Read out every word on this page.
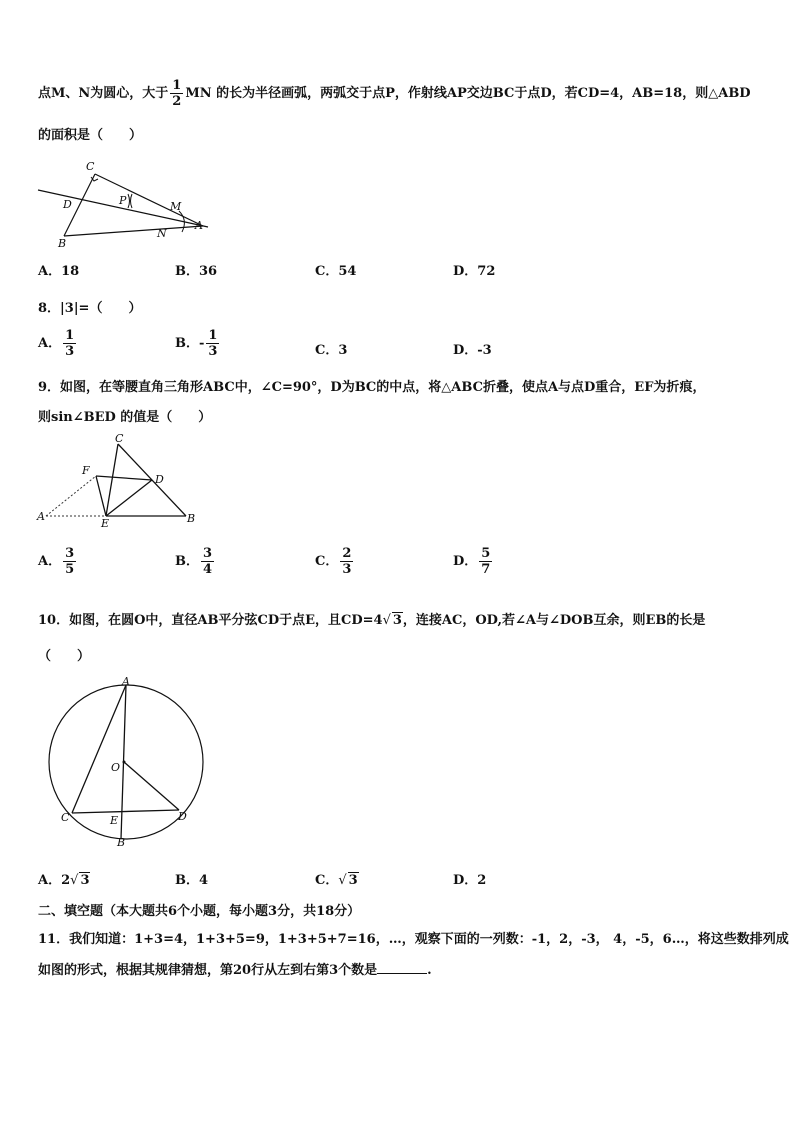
点M、N为圆心，大于 $\frac{1}{2}$ MN 的长为半径画弧，两弧交于点P，作射线AP交边BC于点D，若CD=4，AB=18，则△ABD
的面积是（　　）
C
D	P	M
A
B
N
A．18	B．36	C．54	D．72
8．|3|=（　　）
A． $\frac{1}{3}$	B．- $\frac{1}{3}$	C．3	D．-3
9．如图，在等腰直角三角形ABC中，∠C=90°，D为BC的中点，将△ABC折叠，使点A与点D重合，EF为折痕，
则sin∠BED 的值是（　　）
C
F
D
A
E	B
A． $\frac{3}{5}$	B． $\frac{3}{4}$	C． $\frac{2}{3}$	D． $\frac{5}{7}$
10．如图，在圆O中，直径AB平分弦CD于点E，且CD=4√ 3，连接AC，OD,若∠A与∠DOB互余，则EB的长是
（　　）
A
O
C	E	D
B
A．2√ 3	B．4	C．√ 3	D．2
二、填空题（本大题共6个小题，每小题3分，共18分）
11．我们知道：1+3=4，1+3+5=9，1+3+5+7=16，…，观察下面的一列数：-1，2，-3， 4，-5，6…，将这些数排列成
如图的形式，根据其规律猜想，第20行从左到右第3个数是	.
